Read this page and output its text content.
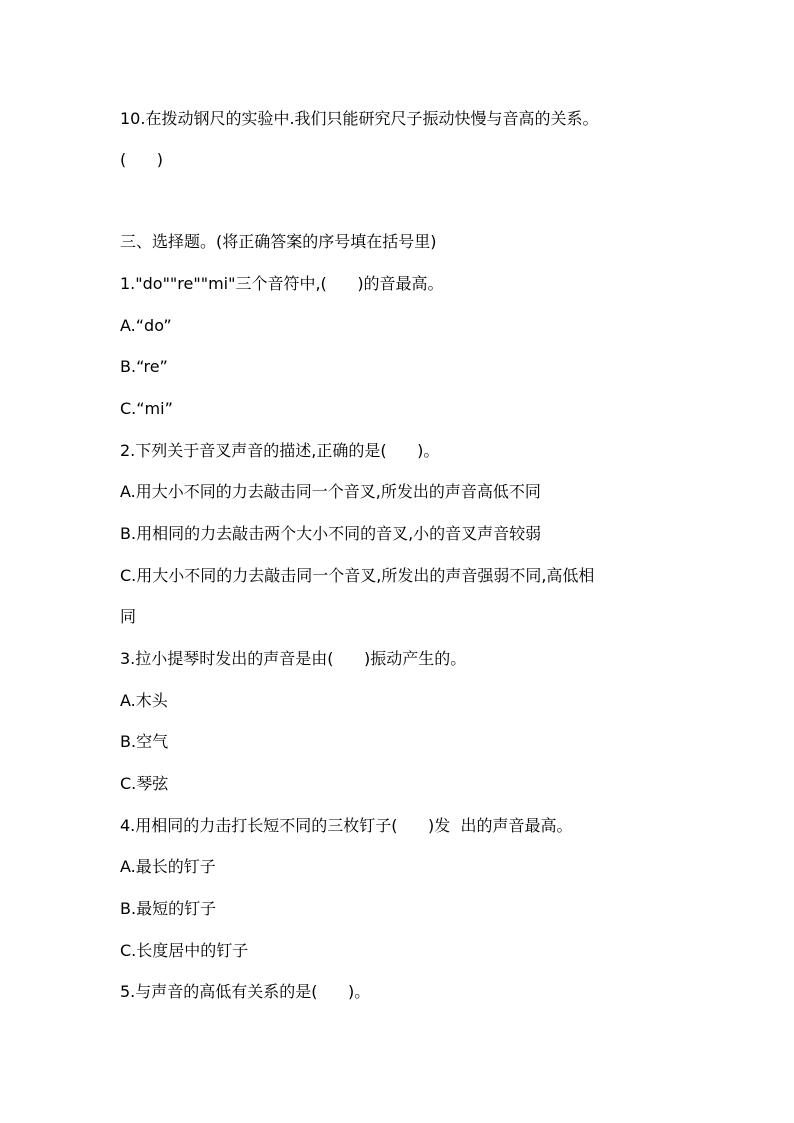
10.在拨动钢尺的实验中.我们只能研究尺子振动快慢与音高的关系。
(      )
三、选择题。(将正确答案的序号填在括号里)
1."do""re""mi"三个音符中,(      )的音最高。
A.“do”
B.“re”
C.“mi”
2.下列关于音叉声音的描述,正确的是(      )。
A.用大小不同的力去敲击同一个音叉,所发出的声音高低不同
B.用相同的力去敲击两个大小不同的音叉,小的音叉声音较弱
C.用大小不同的力去敲击同一个音叉,所发出的声音强弱不同,高低相
同
3.拉小提琴时发出的声音是由(      )振动产生的。
A.木头
B.空气
C.琴弦
4.用相同的力击打长短不同的三枚钉子(      )发  出的声音最高。
A.最长的钉子
B.最短的钉子
C.长度居中的钉子
5.与声音的高低有关系的是(      )。
